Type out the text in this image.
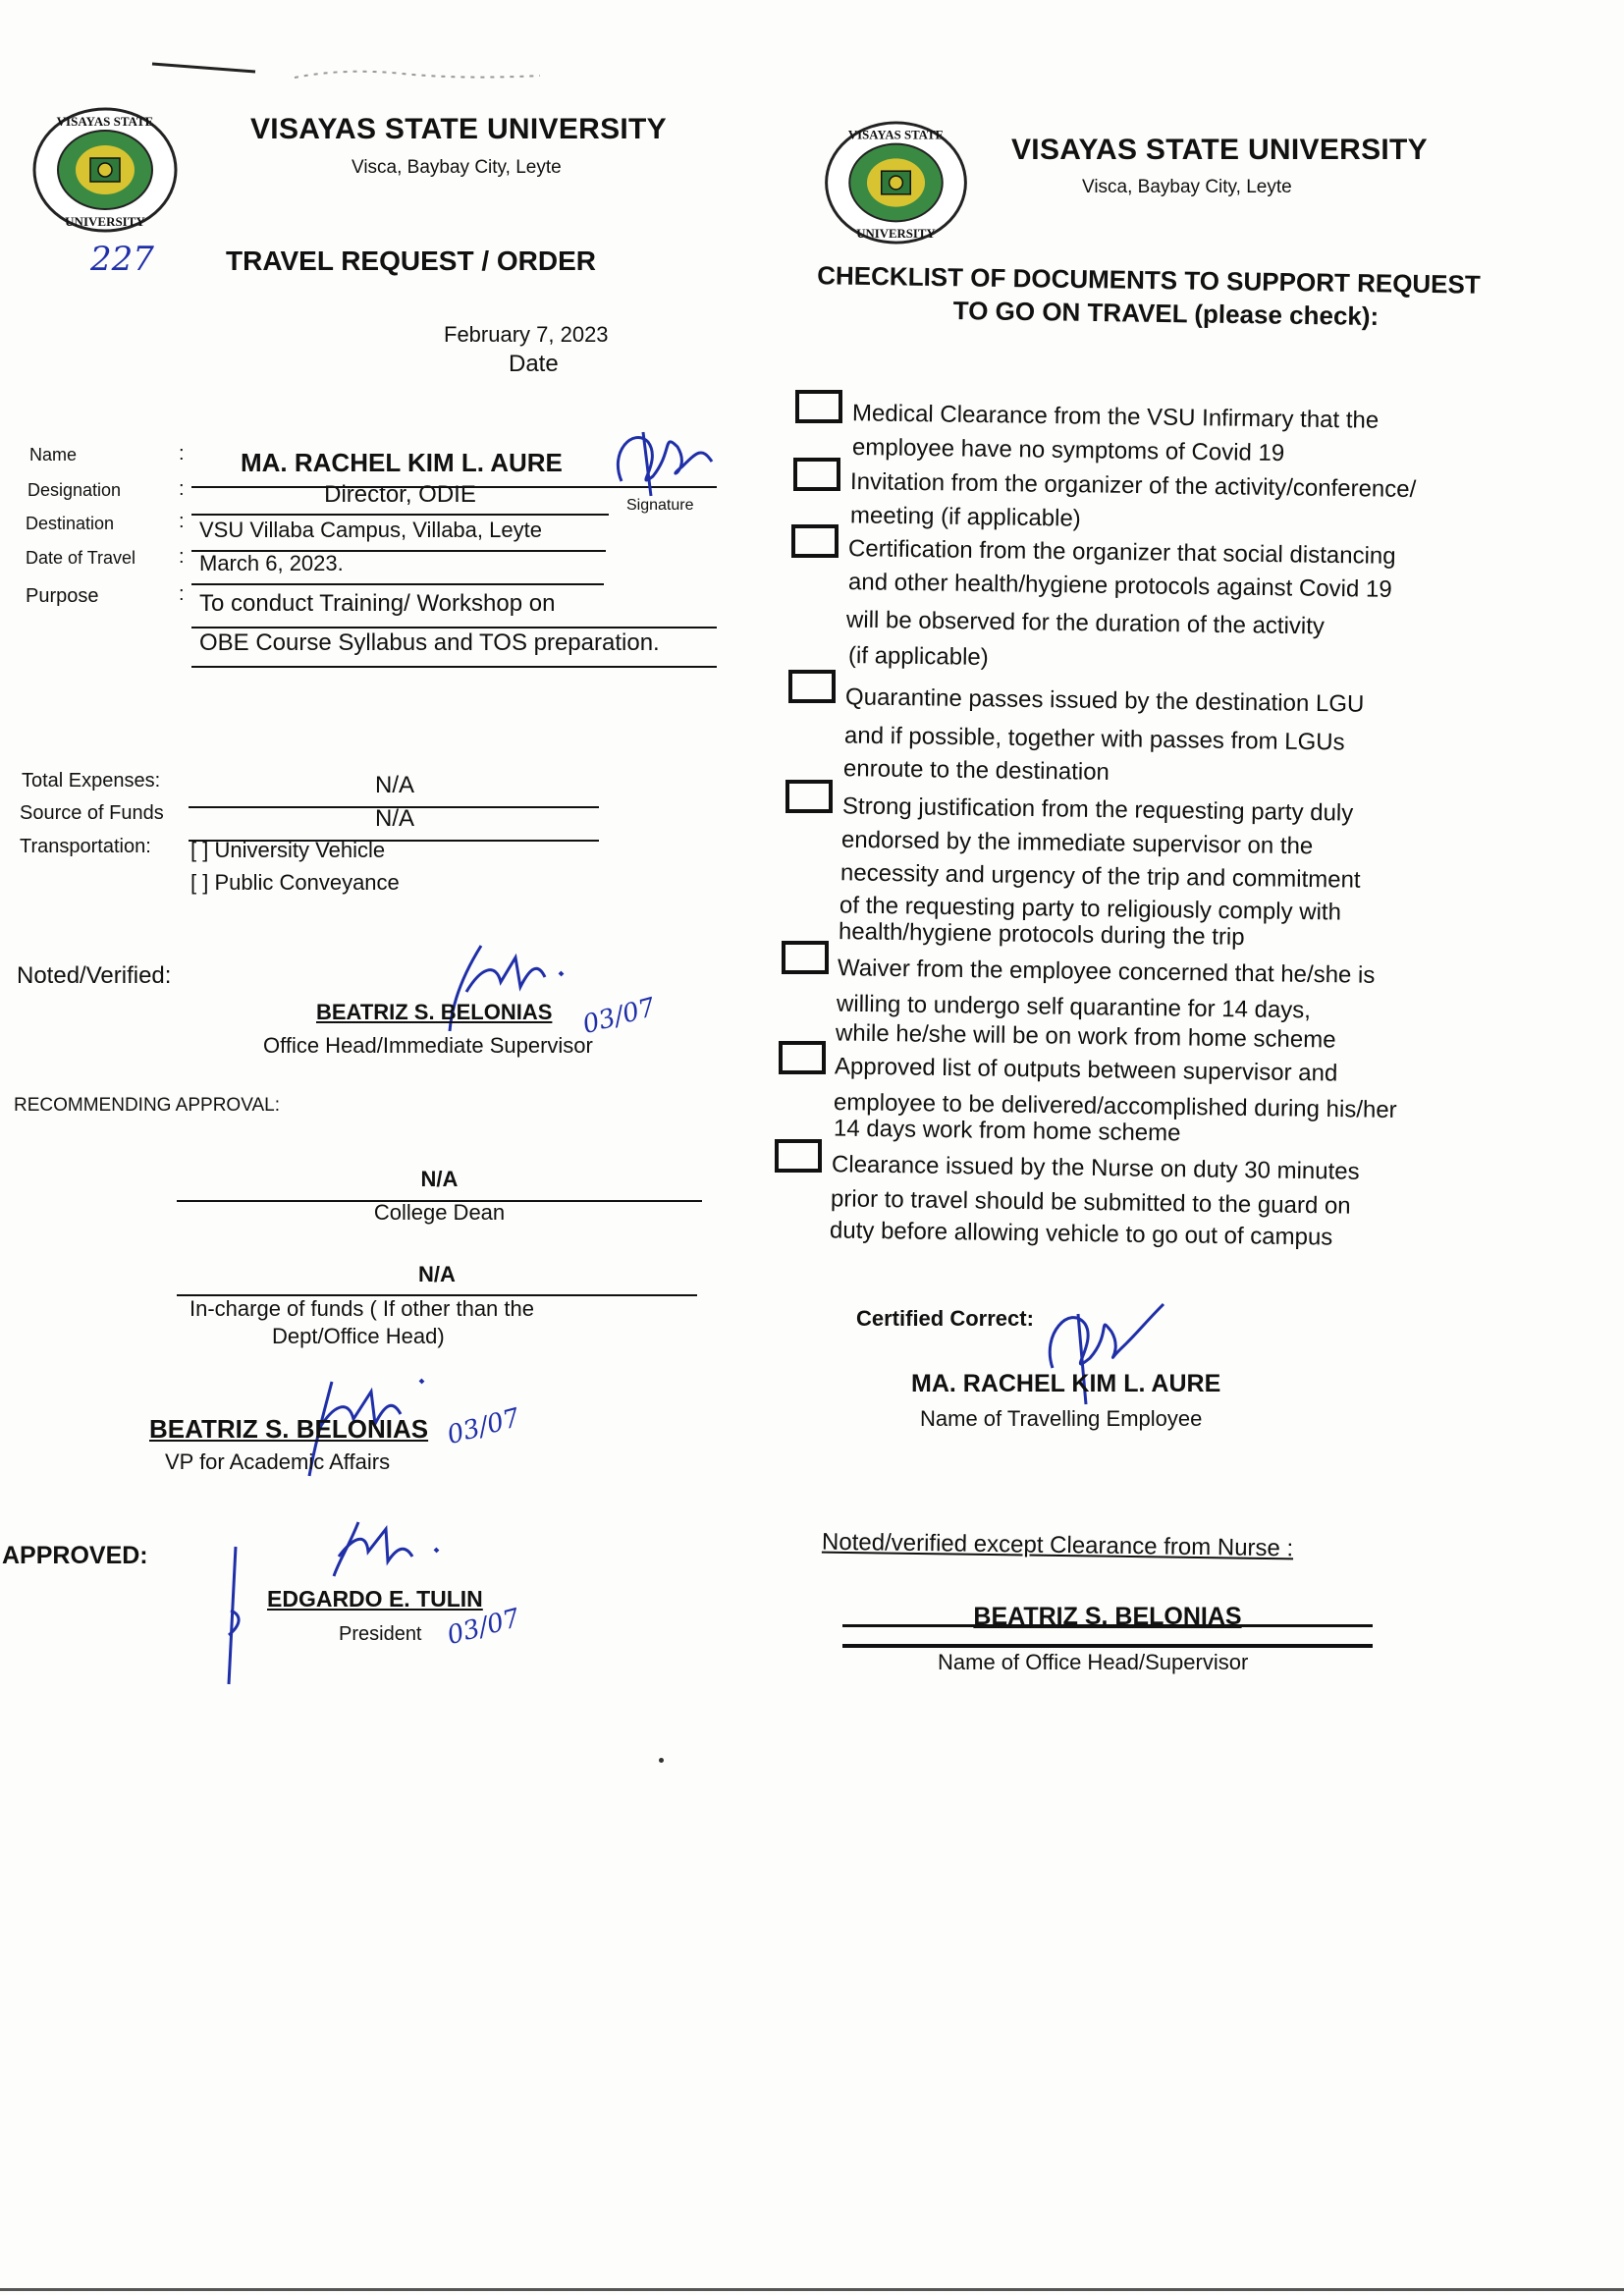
VISAYAS STATE
UNIVERSITY
VISAYAS STATE UNIVERSITY
Visca, Baybay City, Leyte
227	TRAVEL REQUEST / ORDER
February 7, 2023
Date
Name	: MA. RACHEL KIM L. AURE
Signature
Designation	:	Director, ODIE
Destination	: VSU Villaba Campus, Villaba, Leyte
Date of Travel : March 6, 2023.
Purpose	: To conduct Training/ Workshop on
OBE Course Syllabus and TOS preparation.
Total Expenses:	N/A
Source of Funds	N/A
Transportation: [ ] University Vehicle
[ ] Public Conveyance
Noted/Verified:
BEATRIZ S. BELONIAS 03/07
Office Head/Immediate Supervisor
RECOMMENDING APPROVAL:
N/A
College Dean
N/A
In-charge of funds ( If other than the
Dept/Office Head)
BEATRIZ S. BELONIAS 03/07
VP for Academic Affairs
APPROVED:
EDGARDO E. TULIN
President 03/07
VISAYAS STATE
UNIVERSITY
VISAYAS STATE UNIVERSITY
Visca, Baybay City, Leyte
CHECKLIST OF DOCUMENTS TO SUPPORT REQUEST
TO GO ON TRAVEL (please check):
Medical Clearance from the VSU Infirmary that the
employee have no symptoms of Covid 19
Invitation from the organizer of the activity/conference/
meeting (if applicable)
Certification from the organizer that social distancing
and other health/hygiene protocols against Covid 19
will be observed for the duration of the activity
(if applicable)
Quarantine passes issued by the destination LGU
and if possible, together with passes from LGUs
enroute to the destination
Strong justification from the requesting party duly
endorsed by the immediate supervisor on the
necessity and urgency of the trip and commitment
of the requesting party to religiously comply with
health/hygiene protocols during the trip
Waiver from the employee concerned that he/she is
willing to undergo self quarantine for 14 days,
while he/she will be on work from home scheme
Approved list of outputs between supervisor and
employee to be delivered/accomplished during his/her
14 days work from home scheme
Clearance issued by the Nurse on duty 30 minutes
prior to travel should be submitted to the guard on
duty before allowing vehicle to go out of campus
Certified Correct:
MA. RACHEL KIM L. AURE
Name of Travelling Employee
Noted/verified except Clearance from Nurse :
BEATRIZ S. BELONIAS
Name of Office Head/Supervisor
